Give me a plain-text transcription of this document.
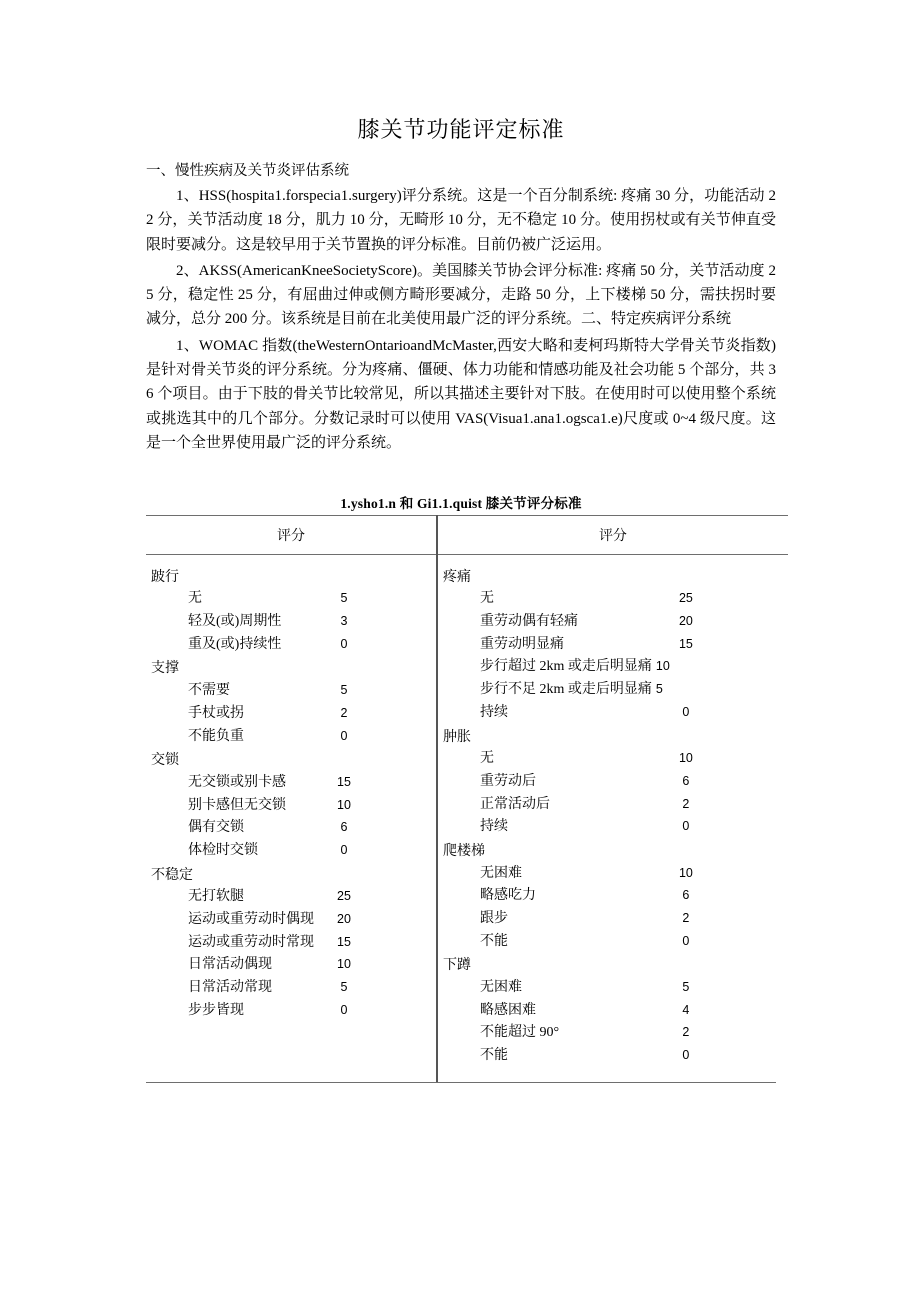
膝关节功能评定标准
一、慢性疾病及关节炎评估系统

1、HSS(hospita1.forspecia1.surgery)评分系统。这是一个百分制系统: 疼痛 30 分，功能活动 22 分，关节活动度 18 分，肌力 10 分，无畸形 10 分，无不稳定 10 分。使用拐杖或有关节伸直受限时要减分。这是较早用于关节置换的评分标准。目前仍被广泛运用。

2、AKSS(AmericanKneeSocietyScore)。美国膝关节协会评分标准: 疼痛 50 分，关节活动度 25 分，稳定性 25 分，有屈曲过伸或侧方畸形要减分，走路 50 分，上下楼梯 50 分，需扶拐时要减分，总分 200 分。该系统是目前在北美使用最广泛的评分系统。二、特定疾病评分系统

1、WOMAC 指数(theWesternOntarioandMcMaster,西安大略和麦柯玛斯特大学骨关节炎指数)是针对骨关节炎的评分系统。分为疼痛、僵硬、体力功能和情感功能及社会功能 5 个部分，共 36 个项目。由于下肢的骨关节比较常见，所以其描述主要针对下肢。在使用时可以使用整个系统或挑选其中的几个部分。分数记录时可以使用 VAS(Visua1.ana1.ogsca1.e)尺度或 0~4 级尺度。这是一个全世界使用最广泛的评分系统。

1.ysho1.n 和 Gi1.1.quist 膝关节评分标准
评分
跛行
无	5
轻及(或)周期性	3
重及(或)持续性	0
支撑
不需要	5
手杖或拐	2
不能负重	0
交锁
无交锁或别卡感	15
别卡感但无交锁	10
偶有交锁	6
体检时交锁	0
不稳定
无打软腿	25
运动或重劳动时偶现	20
运动或重劳动时常现	15
日常活动偶现	10
日常活动常现	5
步步皆现	0
评分
疼痛
无	25
重劳动偶有轻痛	20
重劳动明显痛	15
步行超过 2km 或走后明显痛 10
步行不足 2km 或走后明显痛 5
持续	0
肿胀
无	10
重劳动后	6
正常活动后	2
持续	0
爬楼梯
无困难	10
略感吃力	6
跟步	2
不能	0
下蹲
无困难	5
略感困难	4
不能超过 90°	2
不能	0
